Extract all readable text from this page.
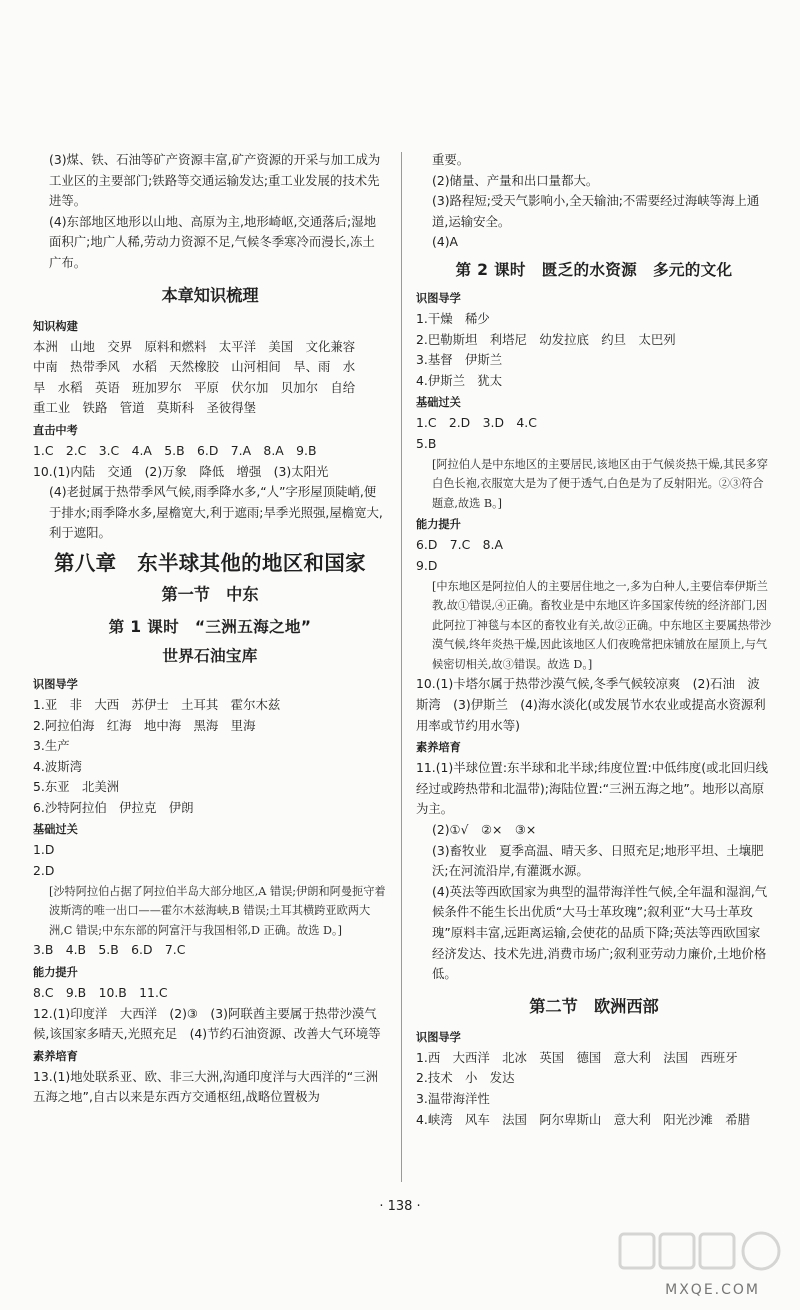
(3)煤、铁、石油等矿产资源丰富,矿产资源的开采与加工成为工业区的主要部门;铁路等交通运输发达;重工业发展的技术先进等。

(4)东部地区地形以山地、高原为主,地形崎岖,交通落后;湿地面积广;地广人稀,劳动力资源不足,气候冬季寒冷而漫长,冻土广布。

本章知识梳理

知识构建

本洲　山地　交界　原料和燃料　太平洋　美国　文化兼容

中南　热带季风　水稻　天然橡胶　山河相间　旱、雨　水

旱　水稻　英语　班加罗尔　平原　伏尔加　贝加尔　自给

重工业　铁路　管道　莫斯科　圣彼得堡

直击中考

1.C　2.C　3.C　4.A　5.B　6.D　7.A　8.A　9.B

10.(1)内陆　交通　(2)万象　降低　增强　(3)太阳光

(4)老挝属于热带季风气候,雨季降水多,“人”字形屋顶陡峭,便于排水;雨季降水多,屋檐宽大,利于遮雨;旱季光照强,屋檐宽大,利于遮阳。

第八章　东半球其他的地区和国家

第一节　中东

第 1 课时　“三洲五海之地”

世界石油宝库

识图导学

1.亚　非　大西　苏伊士　土耳其　霍尔木兹

2.阿拉伯海　红海　地中海　黑海　里海

3.生产

4.波斯湾

5.东亚　北美洲

6.沙特阿拉伯　伊拉克　伊朗

基础过关

1.D

2.D

[沙特阿拉伯占据了阿拉伯半岛大部分地区,A 错误;伊朗和阿曼扼守着波斯湾的唯一出口——霍尔木兹海峡,B 错误;土耳其横跨亚欧两大洲,C 错误;中东东部的阿富汗与我国相邻,D 正确。故选 D。]

3.B　4.B　5.B　6.D　7.C

能力提升

8.C　9.B　10.B　11.C

12.(1)印度洋　大西洋　(2)③　(3)阿联酋主要属于热带沙漠气候,该国家多晴天,光照充足　(4)节约石油资源、改善大气环境等

素养培育

13.(1)地处联系亚、欧、非三大洲,沟通印度洋与大西洋的“三洲五海之地”,自古以来是东西方交通枢纽,战略位置极为

重要。

(2)储量、产量和出口量都大。

(3)路程短;受天气影响小,全天输油;不需要经过海峡等海上通道,运输安全。

(4)A

第 2 课时　匮乏的水资源　多元的文化

识图导学

1.干燥　稀少

2.巴勒斯坦　利塔尼　幼发拉底　约旦　太巴列

3.基督　伊斯兰

4.伊斯兰　犹太

基础过关

1.C　2.D　3.D　4.C

5.B

[阿拉伯人是中东地区的主要居民,该地区由于气候炎热干燥,其民多穿白色长袍,衣服宽大是为了便于透气,白色是为了反射阳光。②③符合题意,故选 B。]

能力提升

6.D　7.C　8.A

9.D

[中东地区是阿拉伯人的主要居住地之一,多为白种人,主要信奉伊斯兰教,故①错误,④正确。畜牧业是中东地区许多国家传统的经济部门,因此阿拉丁神毯与本区的畜牧业有关,故②正确。中东地区主要属热带沙漠气候,终年炎热干燥,因此该地区人们夜晚常把床铺放在屋顶上,与气候密切相关,故③错误。故选 D。]

10.(1)卡塔尔属于热带沙漠气候,冬季气候较凉爽　(2)石油　波斯湾　(3)伊斯兰　(4)海水淡化(或发展节水农业或提高水资源利用率或节约用水等)

素养培育

11.(1)半球位置:东半球和北半球;纬度位置:中低纬度(或北回归线经过或跨热带和北温带);海陆位置:“三洲五海之地”。地形以高原为主。

(2)①√　②×　③×

(3)畜牧业　夏季高温、晴天多、日照充足;地形平坦、土壤肥沃;在河流沿岸,有灌溉水源。

(4)英法等西欧国家为典型的温带海洋性气候,全年温和湿润,气候条件不能生长出优质“大马士革玫瑰”;叙利亚“大马士革玫瑰”原料丰富,远距离运输,会使花的品质下降;英法等西欧国家经济发达、技术先进,消费市场广;叙利亚劳动力廉价,土地价格低。

第二节　欧洲西部

识图导学

1.西　大西洋　北冰　英国　德国　意大利　法国　西班牙

2.技术　小　发达

3.温带海洋性

4.峡湾　风车　法国　阿尔卑斯山　意大利　阳光沙滩　希腊

· 138 ·
MXQE.COM
